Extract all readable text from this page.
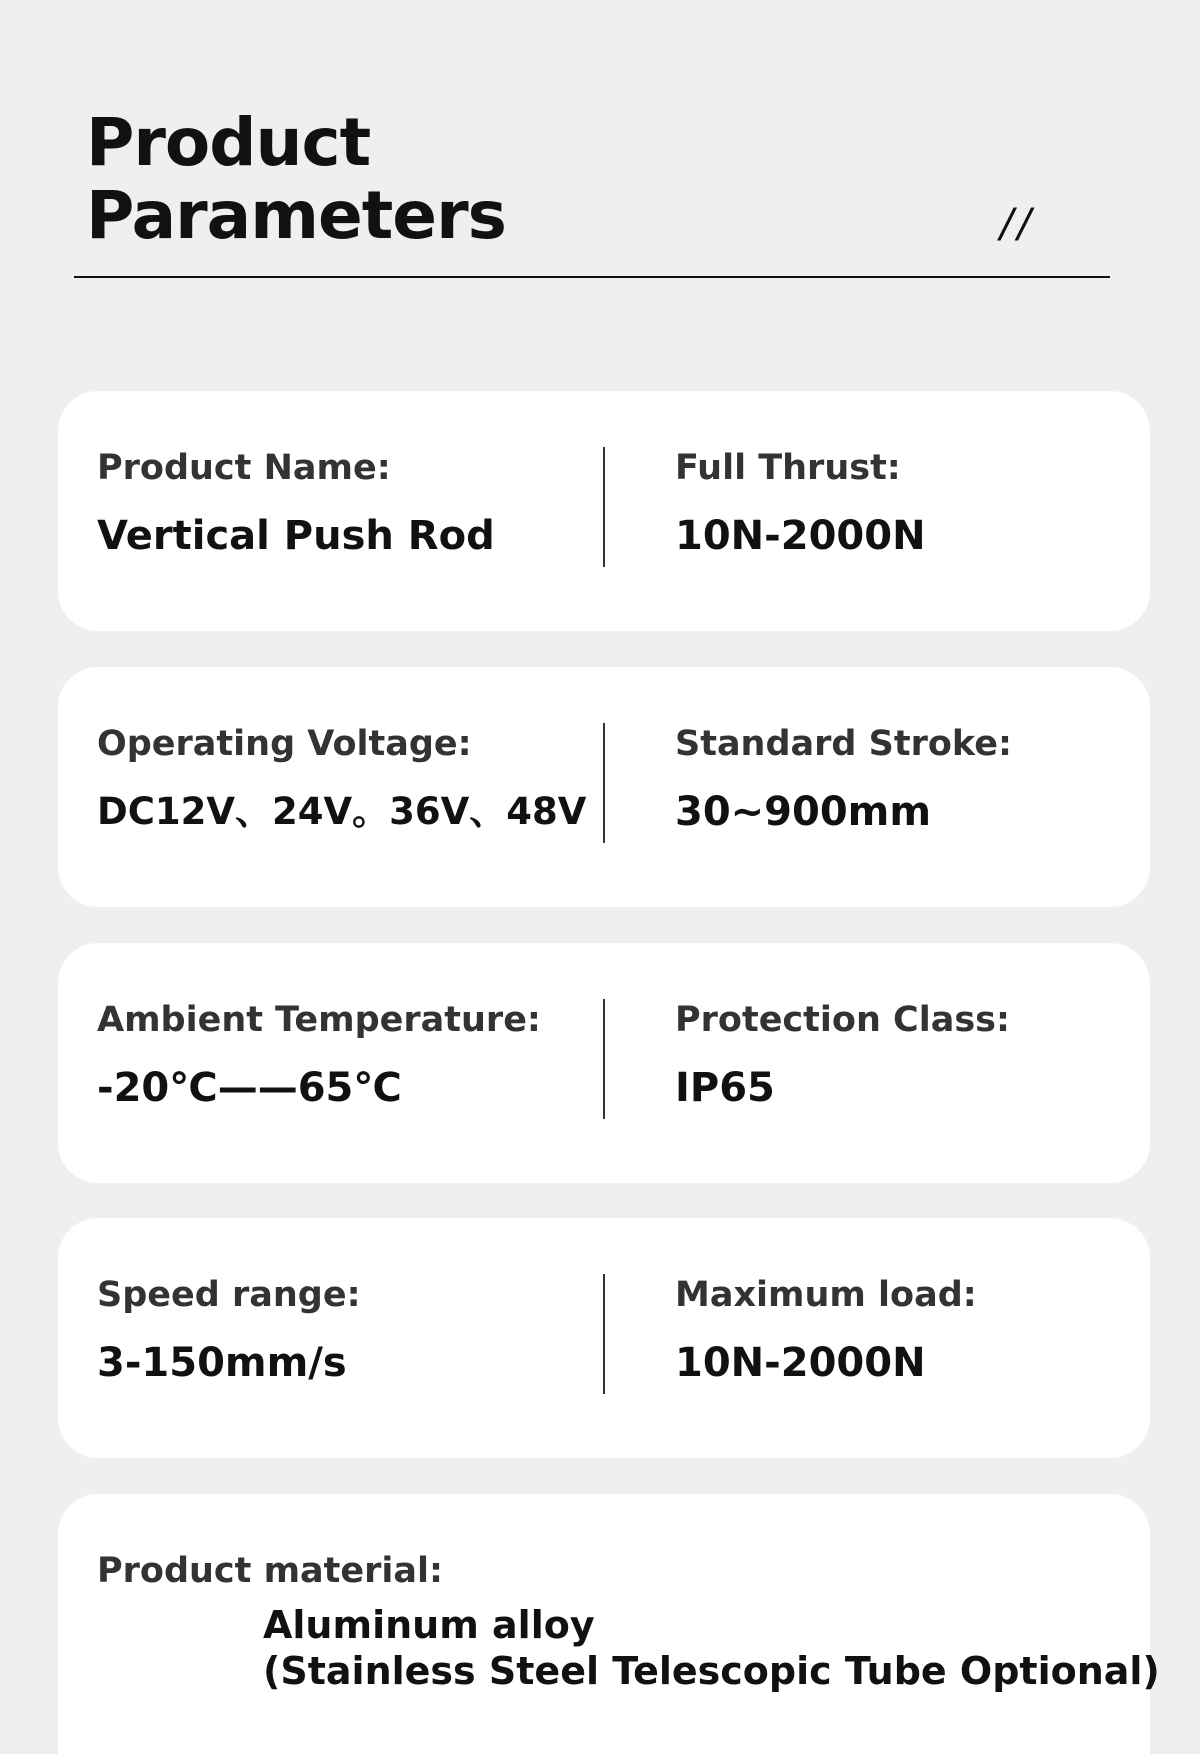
Product
Parameters	//
Product Name:
Vertical Push Rod
Full Thrust:
10N-2000N
Operating Voltage:
DC12V、24V。36V、48V
Standard Stroke:
30~900mm
Ambient Temperature:
-20℃——65℃
Protection Class:
IP65
Speed range:
3-150mm/s
Maximum load:
10N-2000N
Product material:
Aluminum alloy
(Stainless Steel Telescopic Tube Optional)
